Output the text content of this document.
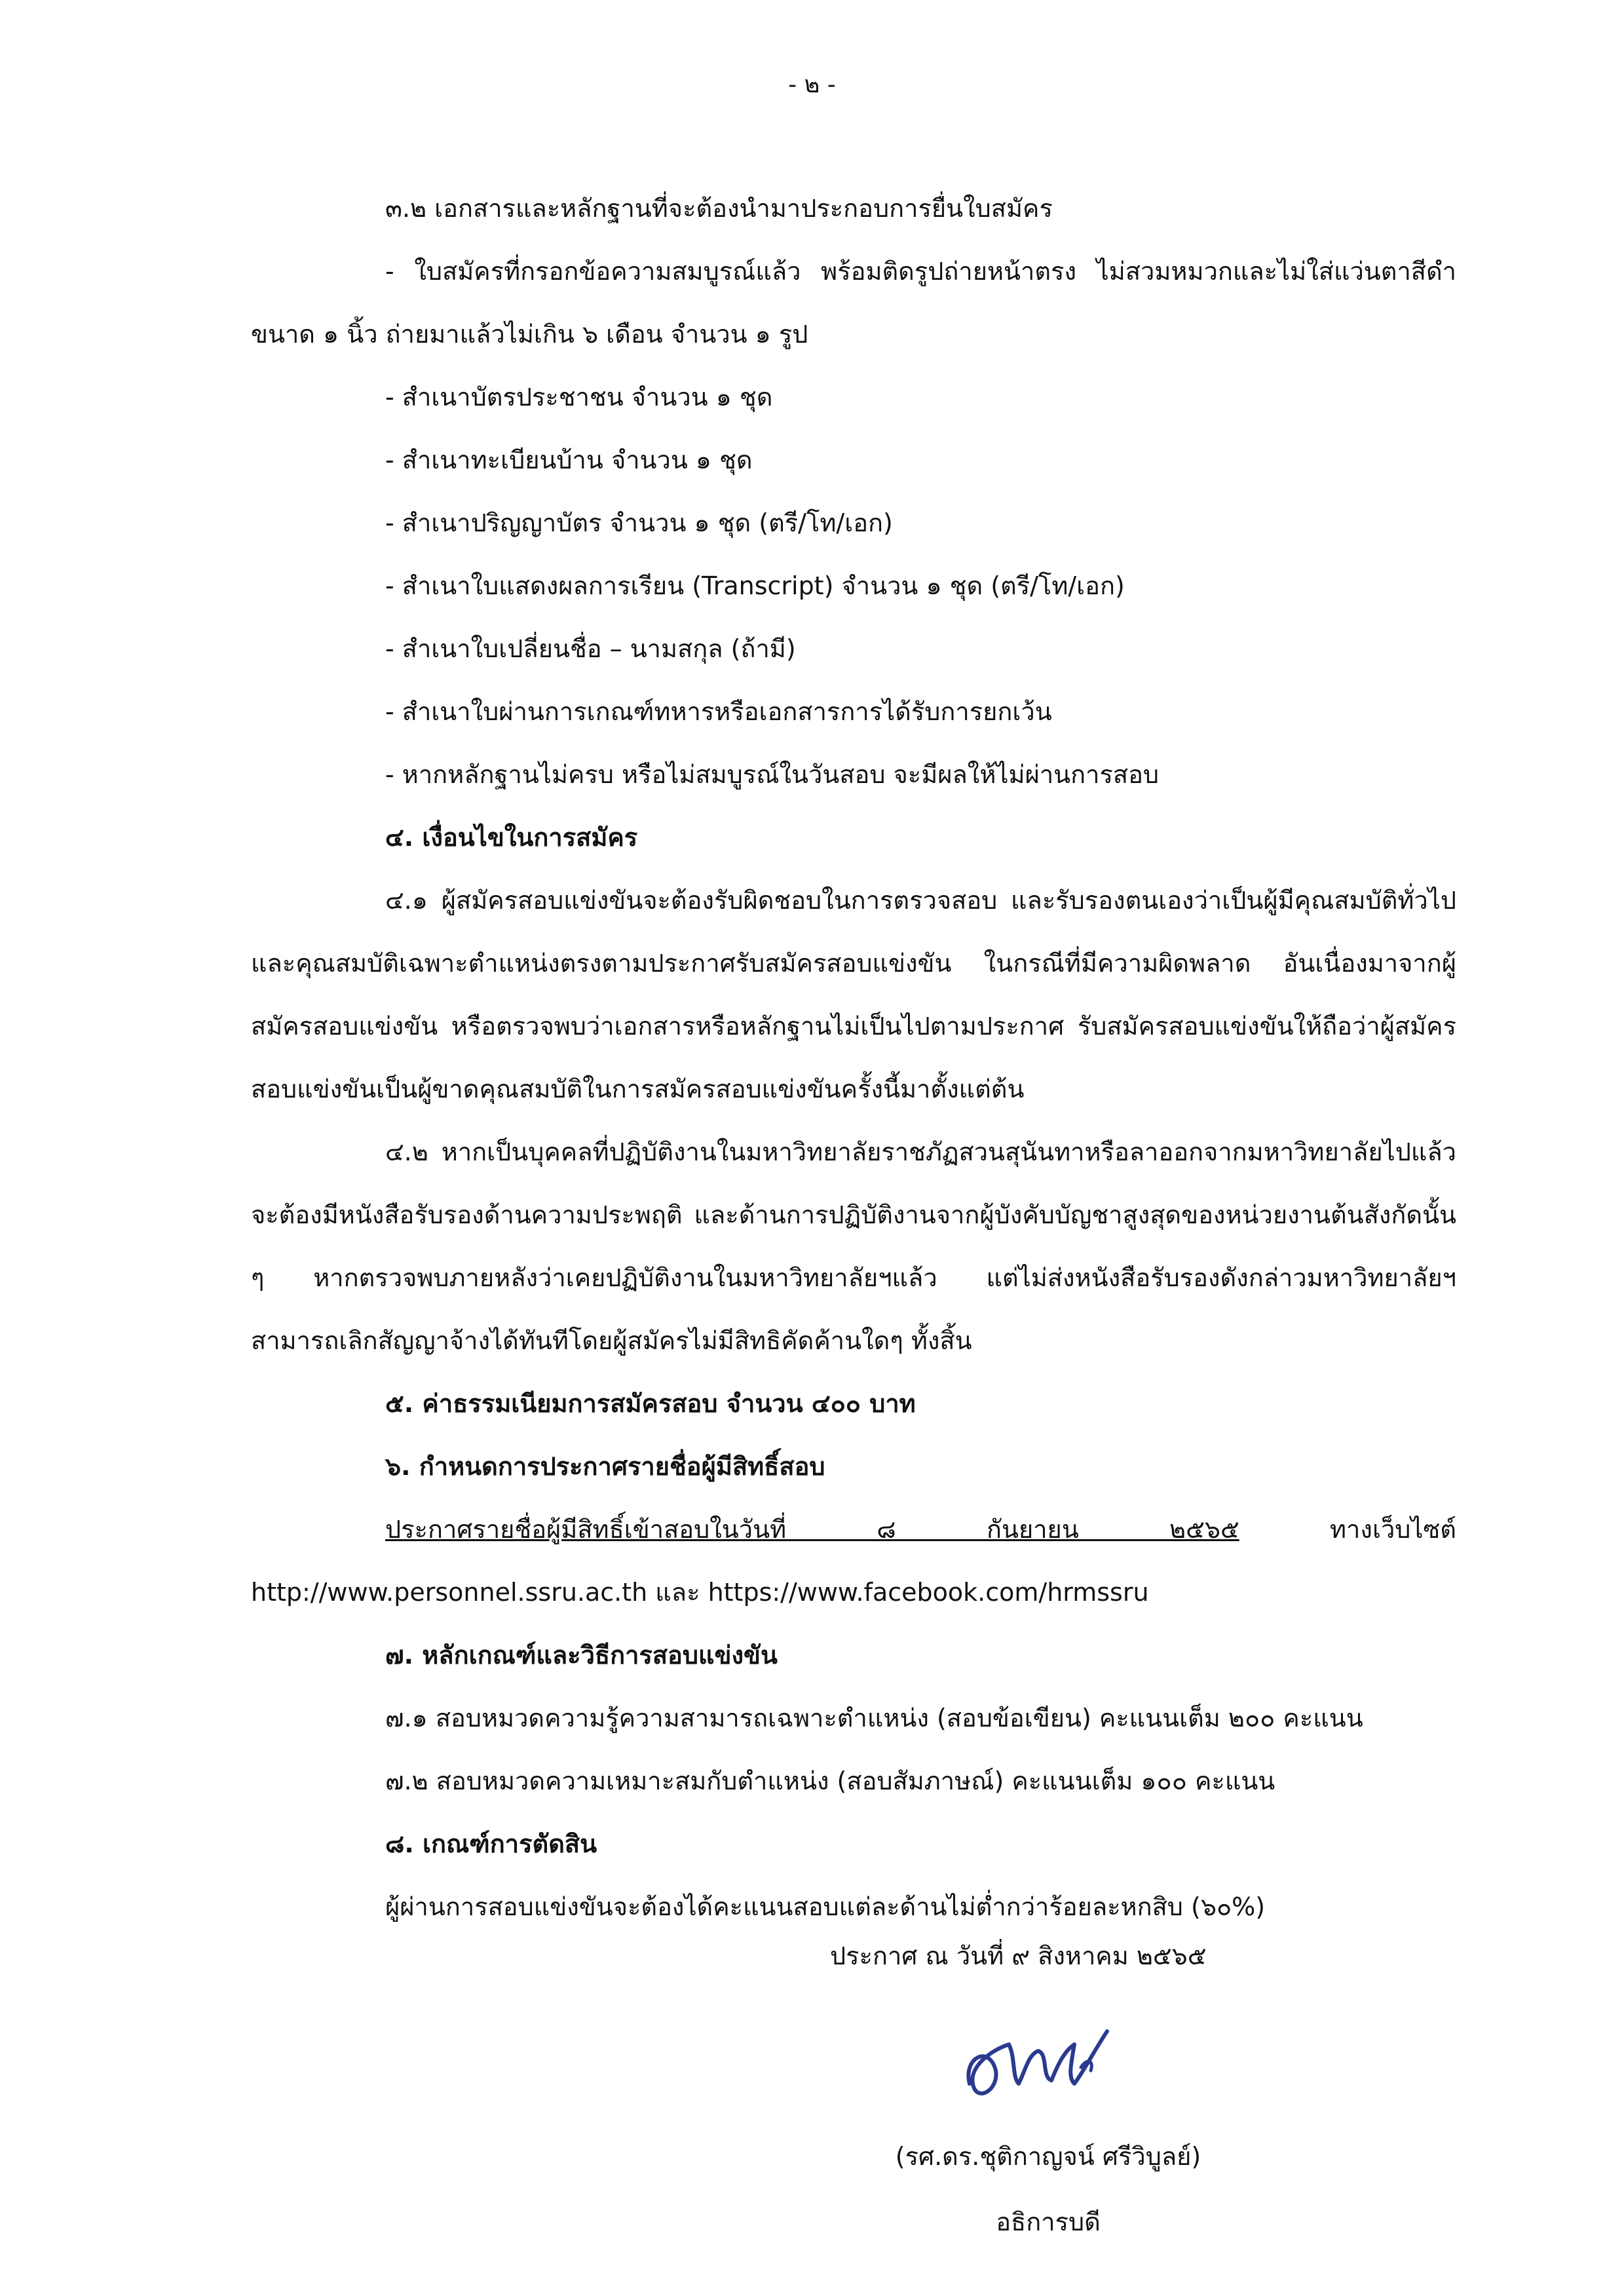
- ๒ -

๓.๒ เอกสารและหลักฐานที่จะต้องนำมาประกอบการยื่นใบสมัคร

- ใบสมัครที่กรอกข้อความสมบูรณ์แล้ว พร้อมติดรูปถ่ายหน้าตรง ไม่สวมหมวกและไม่ใส่แว่นตาสีดำ ขนาด ๑ นิ้ว ถ่ายมาแล้วไม่เกิน ๖ เดือน จำนวน ๑ รูป

- สำเนาบัตรประชาชน จำนวน ๑ ชุด

- สำเนาทะเบียนบ้าน จำนวน ๑ ชุด

- สำเนาปริญญาบัตร จำนวน ๑ ชุด (ตรี/โท/เอก)

- สำเนาใบแสดงผลการเรียน (Transcript) จำนวน ๑ ชุด (ตรี/โท/เอก)

- สำเนาใบเปลี่ยนชื่อ – นามสกุล (ถ้ามี)

- สำเนาใบผ่านการเกณฑ์ทหารหรือเอกสารการได้รับการยกเว้น

- หากหลักฐานไม่ครบ หรือไม่สมบูรณ์ในวันสอบ จะมีผลให้ไม่ผ่านการสอบ

๔. เงื่อนไขในการสมัคร

๔.๑ ผู้สมัครสอบแข่งขันจะต้องรับผิดชอบในการตรวจสอบ และรับรองตนเองว่าเป็นผู้มีคุณสมบัติทั่วไป และคุณสมบัติเฉพาะตำแหน่งตรงตามประกาศรับสมัครสอบแข่งขัน ในกรณีที่มีความผิดพลาด อันเนื่องมาจากผู้สมัครสอบแข่งขัน หรือตรวจพบว่าเอกสารหรือหลักฐานไม่เป็นไปตามประกาศ รับสมัครสอบแข่งขันให้ถือว่าผู้สมัครสอบแข่งขันเป็นผู้ขาดคุณสมบัติในการสมัครสอบแข่งขันครั้งนี้มาตั้งแต่ต้น

๔.๒ หากเป็นบุคคลที่ปฏิบัติงานในมหาวิทยาลัยราชภัฏสวนสุนันทาหรือลาออกจากมหาวิทยาลัยไปแล้ว จะต้องมีหนังสือรับรองด้านความประพฤติ และด้านการปฏิบัติงานจากผู้บังคับบัญชาสูงสุดของหน่วยงานต้นสังกัดนั้น ๆ หากตรวจพบภายหลังว่าเคยปฏิบัติงานในมหาวิทยาลัยฯแล้ว แต่ไม่ส่งหนังสือรับรองดังกล่าวมหาวิทยาลัยฯ สามารถเลิกสัญญาจ้างได้ทันทีโดยผู้สมัครไม่มีสิทธิคัดค้านใดๆ ทั้งสิ้น

๕. ค่าธรรมเนียมการสมัครสอบ จำนวน ๔๐๐ บาท

๖. กำหนดการประกาศรายชื่อผู้มีสิทธิ์สอบ

ประกาศรายชื่อผู้มีสิทธิ์เข้าสอบในวันที่ ๘ กันยายน ๒๕๖๕ ทางเว็บไซต์ http://www.personnel.ssru.ac.th และ https://www.facebook.com/hrmssru

๗. หลักเกณฑ์และวิธีการสอบแข่งขัน

๗.๑ สอบหมวดความรู้ความสามารถเฉพาะตำแหน่ง (สอบข้อเขียน) คะแนนเต็ม ๒๐๐ คะแนน

๗.๒ สอบหมวดความเหมาะสมกับตำแหน่ง (สอบสัมภาษณ์) คะแนนเต็ม ๑๐๐ คะแนน

๘. เกณฑ์การตัดสิน

ผู้ผ่านการสอบแข่งขันจะต้องได้คะแนนสอบแต่ละด้านไม่ต่ำกว่าร้อยละหกสิบ (๖๐%)

ประกาศ ณ วันที่ ๙ สิงหาคม ๒๕๖๕
(รศ.ดร.ชุติกาญจน์ ศรีวิบูลย์)
อธิการบดี
